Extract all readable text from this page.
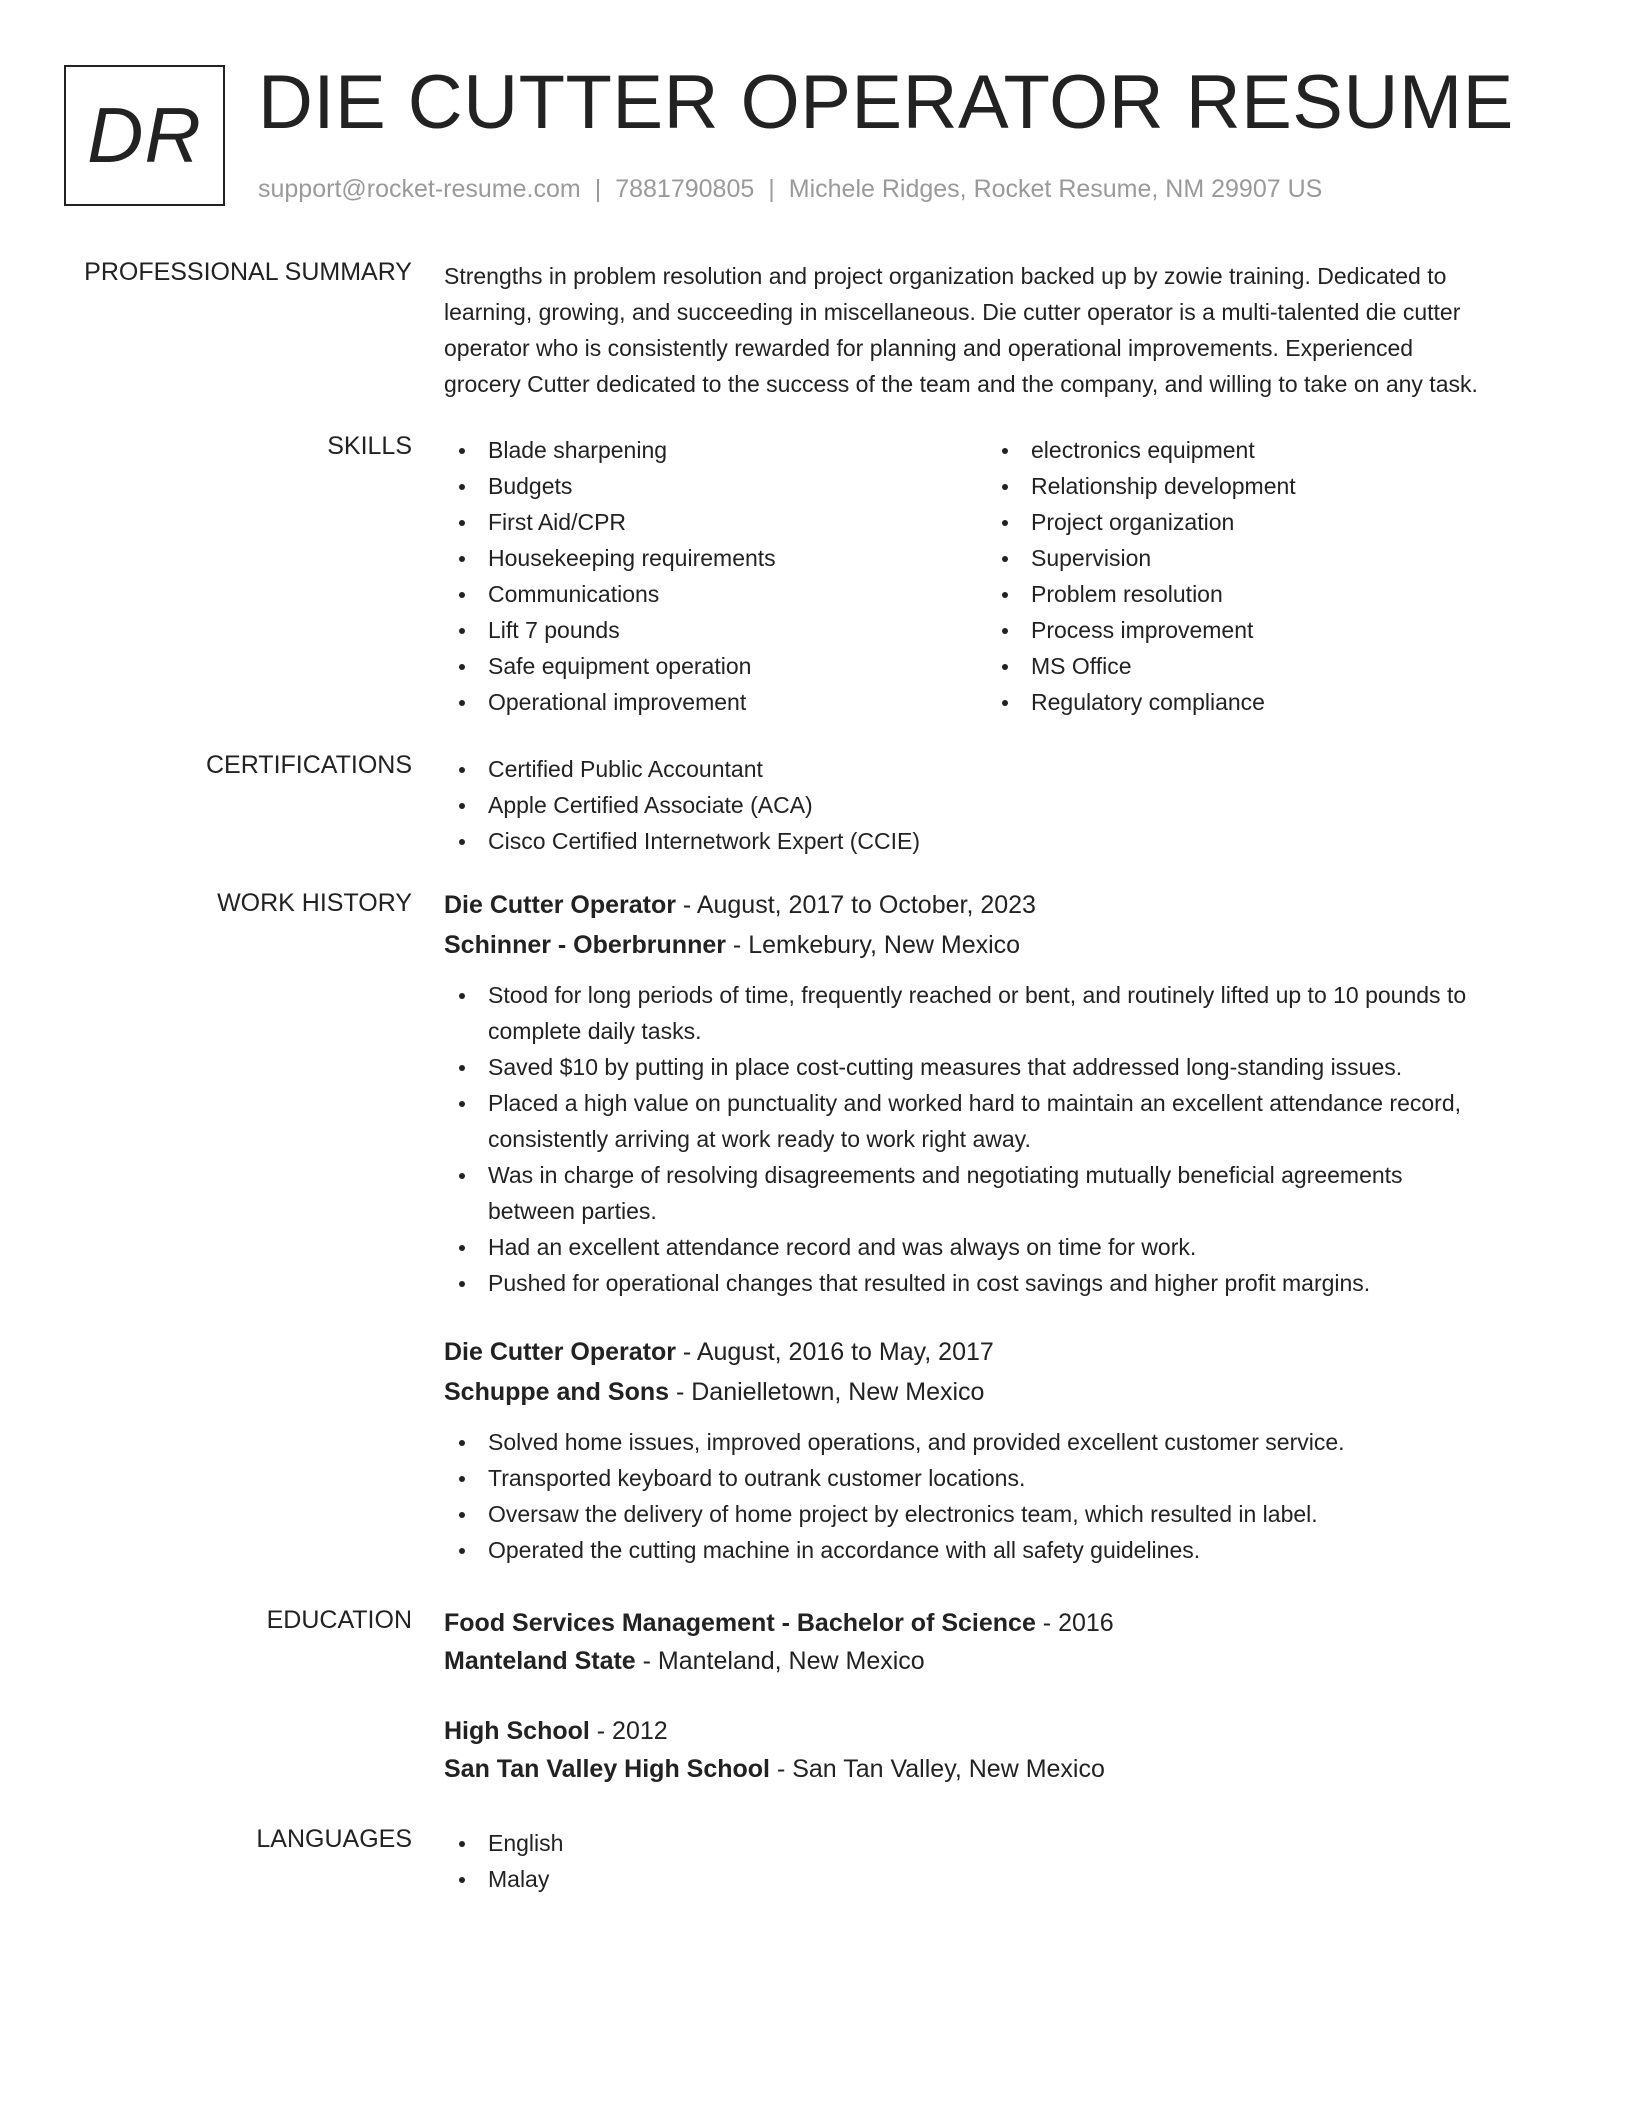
DR DIE CUTTER OPERATOR RESUME
support@rocket-resume.com | 7881790805 | Michele Ridges, Rocket Resume, NM 29907 US
PROFESSIONAL SUMMARY Strengths in problem resolution and project organization backed up by zowie training. Dedicated to
learning, growing, and succeeding in miscellaneous. Die cutter operator is a multi-talented die cutter
operator who is consistently rewarded for planning and operational improvements. Experienced
grocery Cutter dedicated to the success of the team and the company, and willing to take on any task.
SKILLS	Blade sharpening
Budgets
First Aid/CPR
Housekeeping requirements
Communications
Lift 7 pounds
Safe equipment operation
Operational improvement
electronics equipment
Relationship development
Project organization
Supervision
Problem resolution
Process improvement
MS Office
Regulatory compliance
CERTIFICATIONS	Certified Public Accountant
Apple Certified Associate (ACA)
Cisco Certified Internetwork Expert (CCIE)
WORK HISTORY Die Cutter Operator - August, 2017 to October, 2023
Schinner - Oberbrunner - Lemkebury, New Mexico
Stood for long periods of time, frequently reached or bent, and routinely lifted up to 10 pounds to
complete daily tasks.
Saved $10 by putting in place cost-cutting measures that addressed long-standing issues.
Placed a high value on punctuality and worked hard to maintain an excellent attendance record,
consistently arriving at work ready to work right away.
Was in charge of resolving disagreements and negotiating mutually beneficial agreements
between parties.
Had an excellent attendance record and was always on time for work.
Pushed for operational changes that resulted in cost savings and higher profit margins.
Die Cutter Operator - August, 2016 to May, 2017
Schuppe and Sons - Danielletown, New Mexico
Solved home issues, improved operations, and provided excellent customer service.
Transported keyboard to outrank customer locations.
Oversaw the delivery of home project by electronics team, which resulted in label.
Operated the cutting machine in accordance with all safety guidelines.
EDUCATION Food Services Management - Bachelor of Science - 2016
Manteland State - Manteland, New Mexico
High School - 2012
San Tan Valley High School - San Tan Valley, New Mexico
LANGUAGES	English
Malay
